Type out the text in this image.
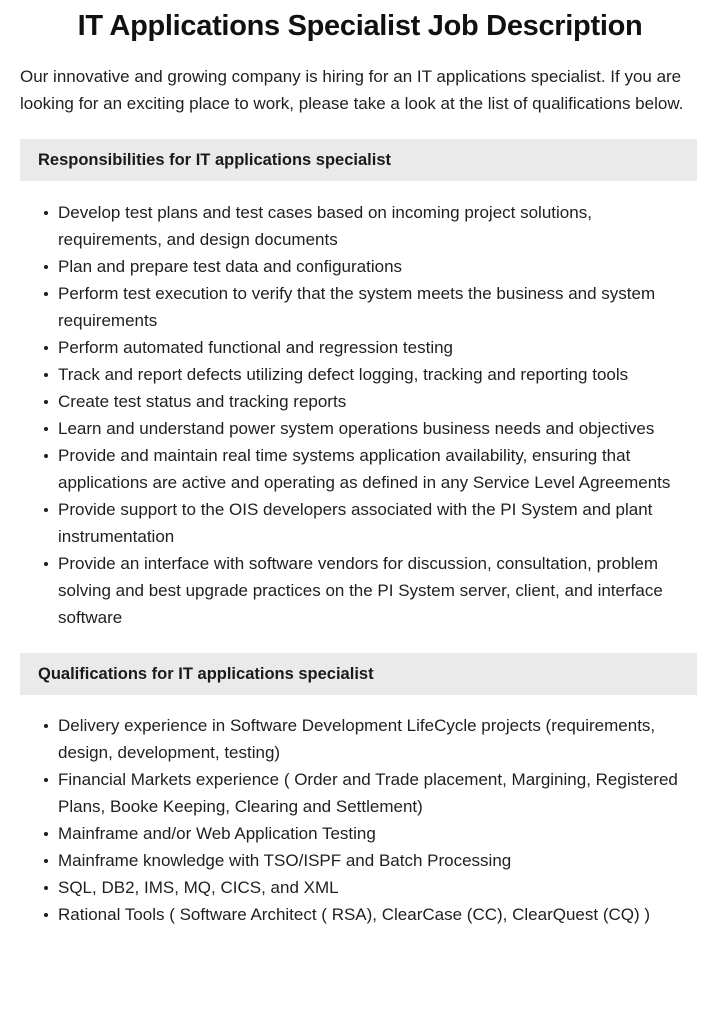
IT Applications Specialist Job Description

Our innovative and growing company is hiring for an IT applications specialist. If you are looking for an exciting place to work, please take a look at the list of qualifications below.

Responsibilities for IT applications specialist
Develop test plans and test cases based on incoming project solutions, requirements, and design documents
Plan and prepare test data and configurations
Perform test execution to verify that the system meets the business and system requirements
Perform automated functional and regression testing
Track and report defects utilizing defect logging, tracking and reporting tools
Create test status and tracking reports
Learn and understand power system operations business needs and objectives
Provide and maintain real time systems application availability, ensuring that applications are active and operating as defined in any Service Level Agreements
Provide support to the OIS developers associated with the PI System and plant instrumentation
Provide an interface with software vendors for discussion, consultation, problem solving and best upgrade practices on the PI System server, client, and interface software
Qualifications for IT applications specialist
Delivery experience in Software Development LifeCycle projects (requirements, design, development, testing)
Financial Markets experience ( Order and Trade placement, Margining, Registered Plans, Booke Keeping, Clearing and Settlement)
Mainframe and/or Web Application Testing
Mainframe knowledge with TSO/ISPF and Batch Processing
SQL, DB2, IMS, MQ, CICS, and XML
Rational Tools ( Software Architect ( RSA), ClearCase (CC), ClearQuest (CQ) )
